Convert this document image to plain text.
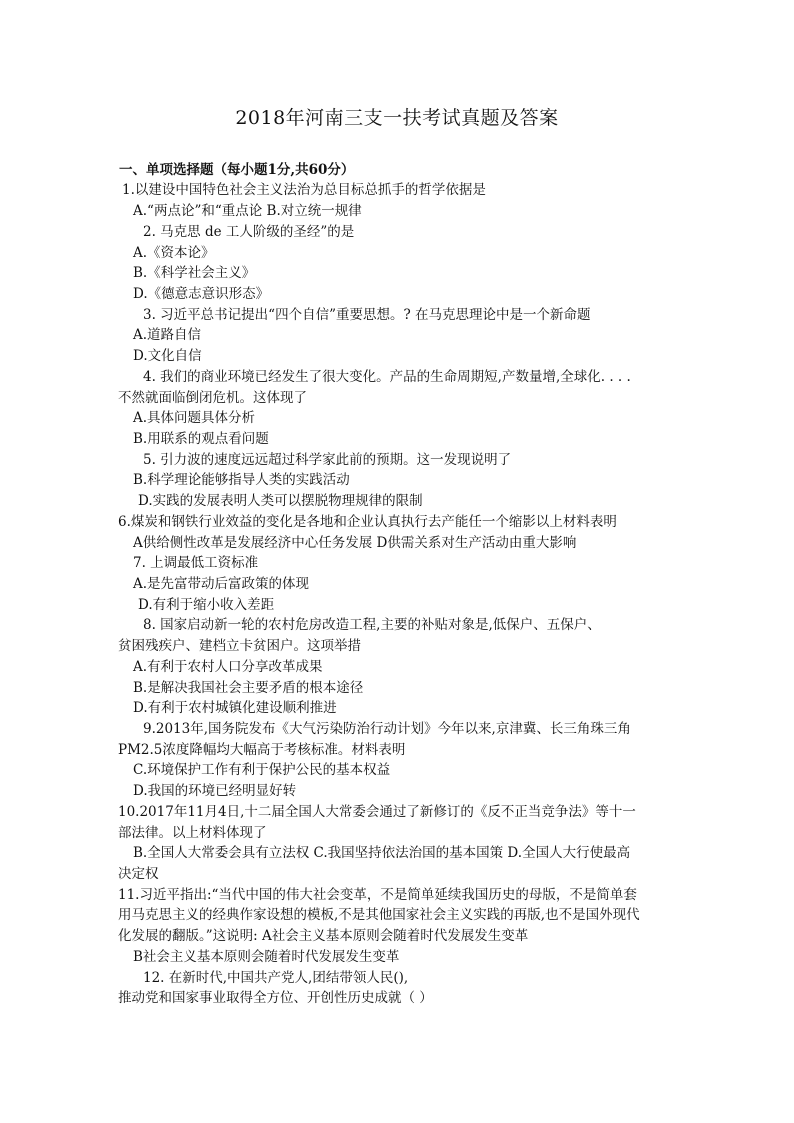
2018年河南三支一扶考试真题及答案
一、单项选择题（每小题1分,共60分）
1.以建设中国特色社会主义法治为总目标总抓手的哲学依据是
A.“两点论”和“重点论 B.对立统一规律
2. 马克思 de 工人阶级的圣经”的是
A.《资本论》
B.《科学社会主义》
D.《德意志意识形态》
3. 习近平总书记提出“四个自信”重要思想。? 在马克思理论中是一个新命题
A.道路自信
D.文化自信
4. 我们的商业环境已经发生了很大变化。产品的生命周期短,产数量增,全球化. . . .
不然就面临倒闭危机。这体现了
A.具体问题具体分析
B.用联系的观点看问题
5. 引力波的速度远远超过科学家此前的预期。这一发现说明了
B.科学理论能够指导人类的实践活动
D.实践的发展表明人类可以摆脱物理规律的限制
6.煤炭和钢铁行业效益的变化是各地和企业认真执行去产能任一个缩影以上材料表明
A供给侧性改革是发展经济中心任务发展 D供需关系对生产活动由重大影响
7. 上调最低工资标准
A.是先富带动后富政策的体现
D.有利于缩小收入差距
8. 国家启动新一轮的农村危房改造工程,主要的补贴对象是,低保户、五保户、
贫困残疾户、建档立卡贫困户。这项举措
A.有利于农村人口分享改革成果
B.是解决我国社会主要矛盾的根本途径
D.有利于农村城镇化建设顺利推进
9.2013年,国务院发布《大气污染防治行动计划》今年以来,京津冀、长三角珠三角
PM2.5浓度降幅均大幅高于考核标准。材料表明
C.环境保护工作有利于保护公民的基本权益
D.我国的环境已经明显好转
10.2017年11月4日,十二届全国人大常委会通过了新修订的《反不正当竞争法》等十一
部法律。以上材料体现了
B.全国人大常委会具有立法权 C.我国坚持依法治国的基本国策 D.全国人大行使最高
决定权
11.习近平指出:“当代中国的伟大社会变革，不是简单延续我国历史的母版，不是简单套
用马克思主义的经典作家设想的模板,不是其他国家社会主义实践的再版,也不是国外现代
化发展的翻版。”这说明: A社会主义基本原则会随着时代发展发生变革
B社会主义基本原则会随着时代发展发生变革
12. 在新时代,中国共产党人,团结带领人民(),
推动党和国家事业取得全方位、开创性历史成就（ ）
